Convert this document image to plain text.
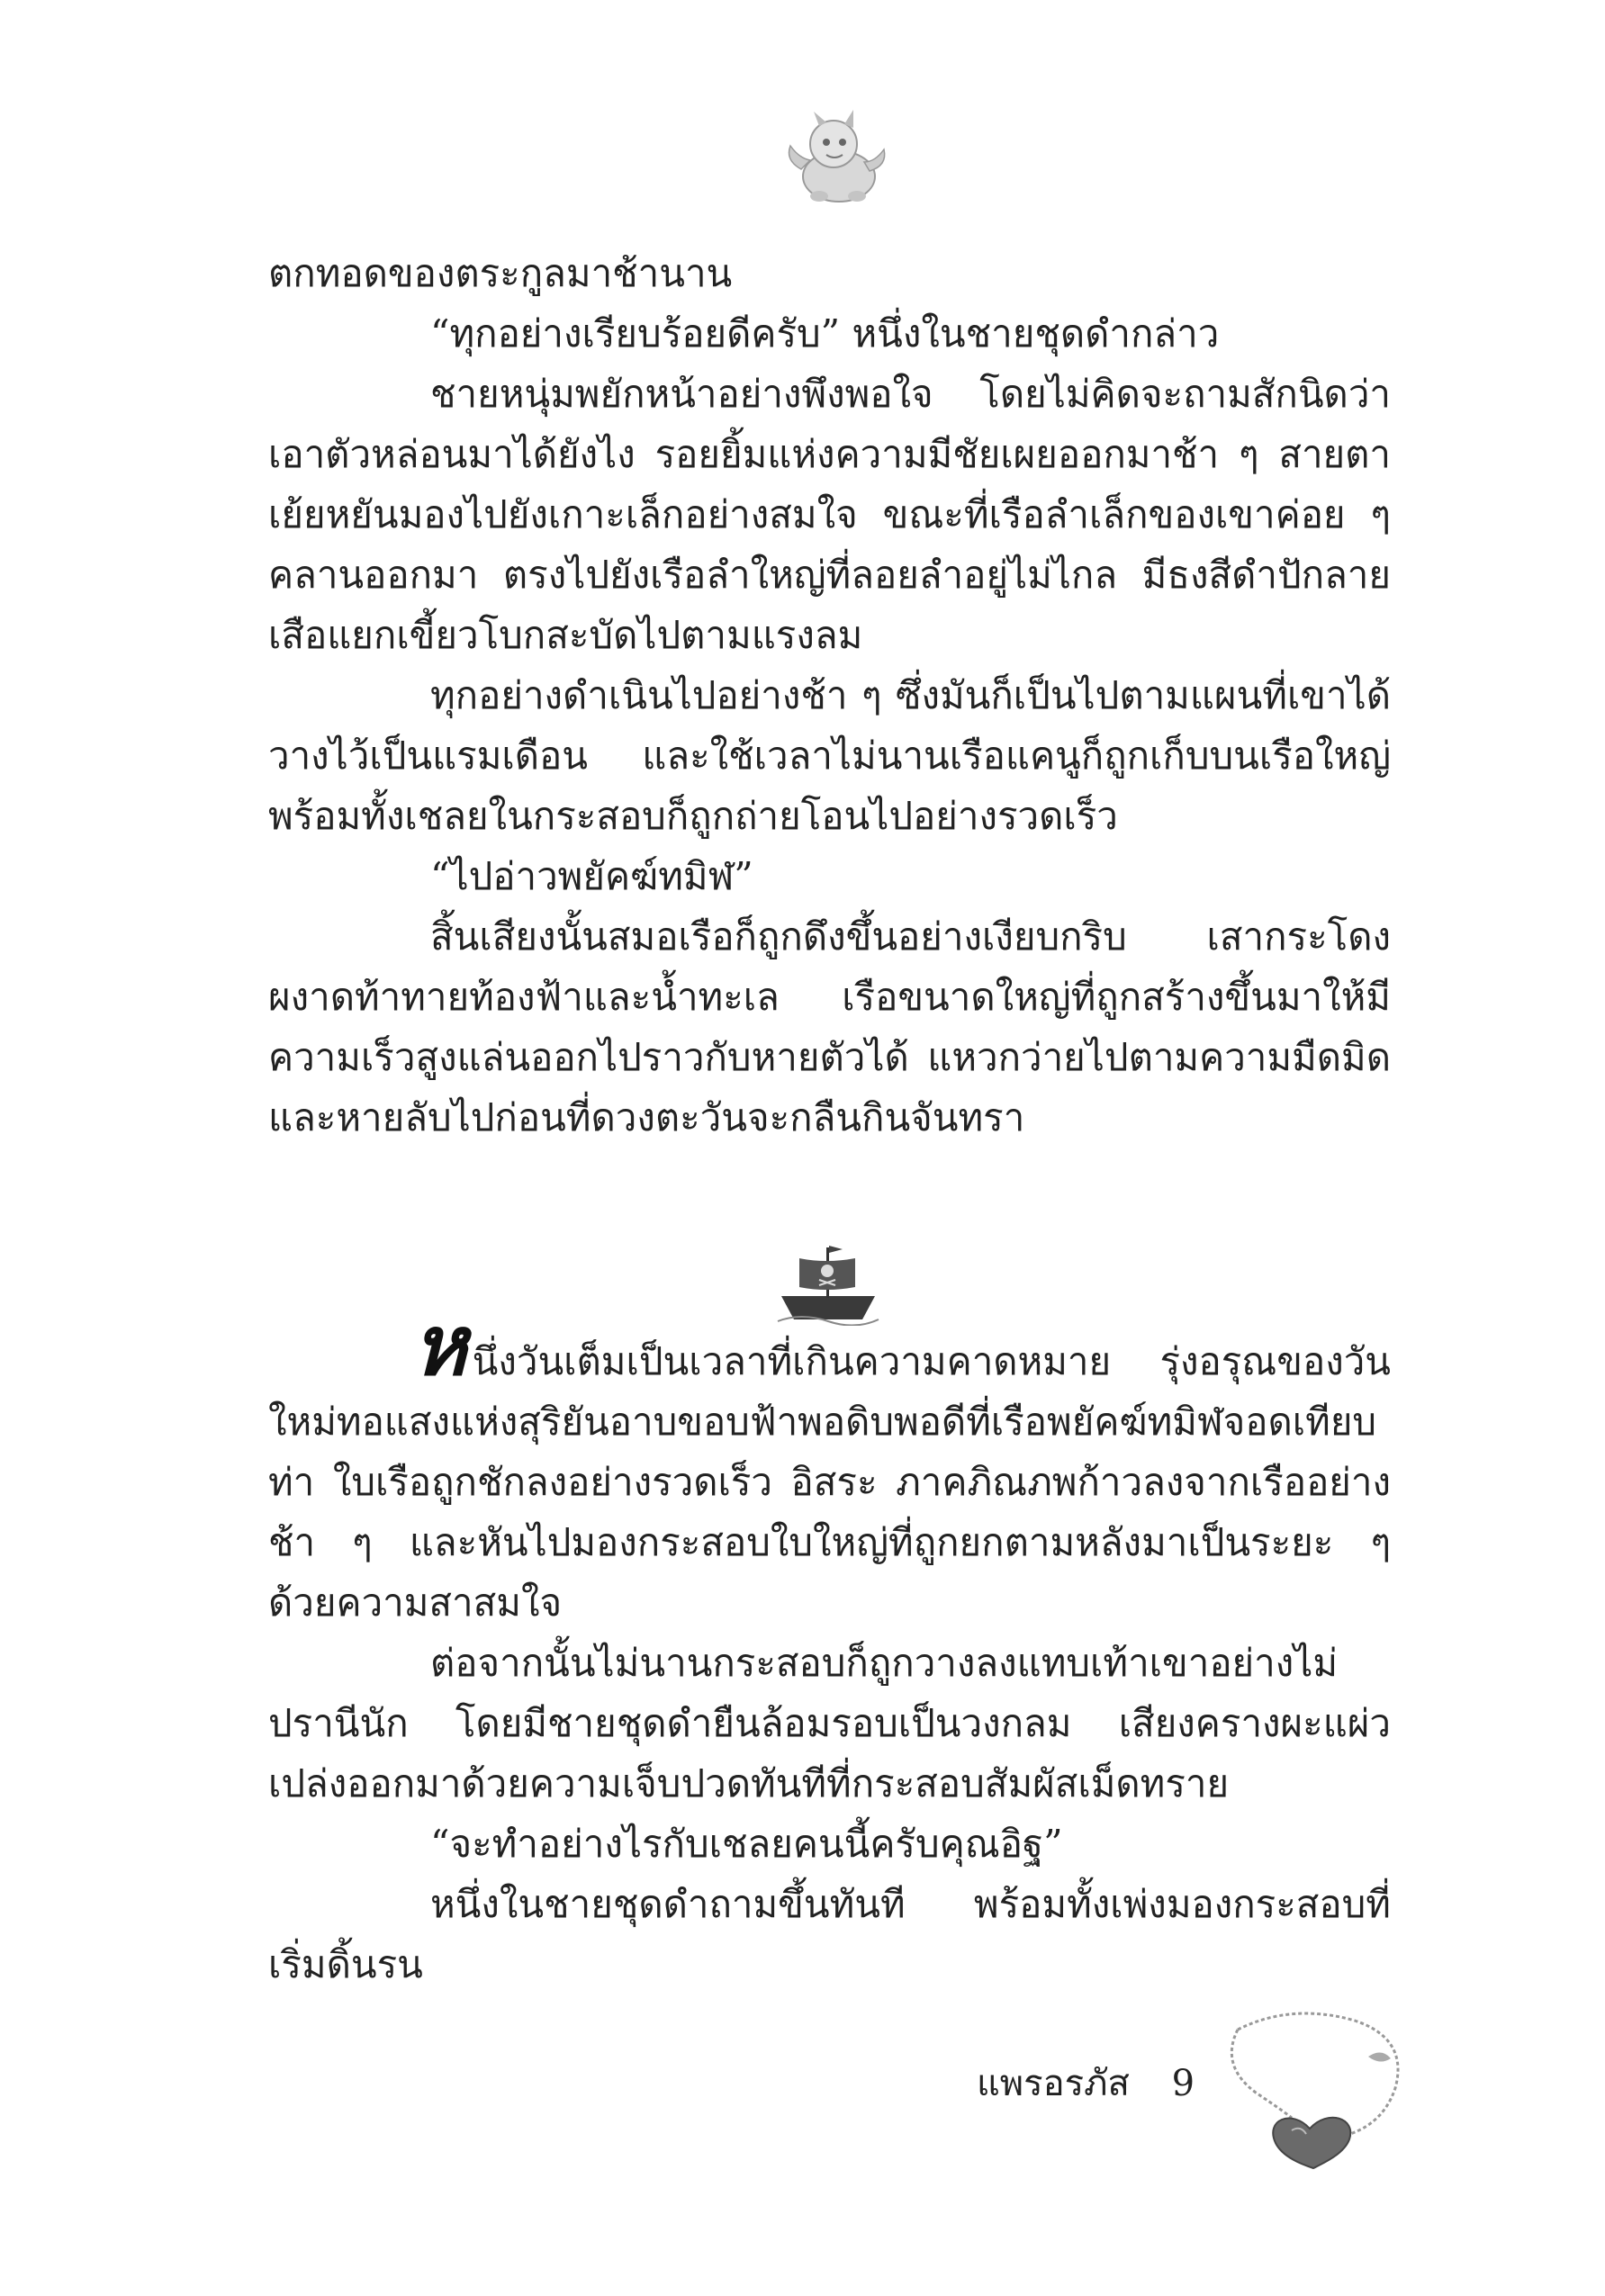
ตกทอดของตระกูลมาช้านาน

“ทุกอย่างเรียบร้อยดีครับ” หนึ่งในชายชุดดำกล่าว

ชายหนุ่มพยักหน้าอย่างพึงพอใจ โดยไม่คิดจะถามสักนิดว่าเอาตัวหล่อนมาได้ยังไง รอยยิ้มแห่งความมีชัยเผยออกมาช้า ๆ สายตาเย้ยหยันมองไปยังเกาะเล็กอย่างสมใจ ขณะที่เรือลำเล็กของเขาค่อย ๆ คลานออกมา ตรงไปยังเรือลำใหญ่ที่ลอยลำอยู่ไม่ไกล มีธงสีดำปักลายเสือแยกเขี้ยวโบกสะบัดไปตามแรงลม

ทุกอย่างดำเนินไปอย่างช้า ๆ ซึ่งมันก็เป็นไปตามแผนที่เขาได้วางไว้เป็นแรมเดือน และใช้เวลาไม่นานเรือแคนูก็ถูกเก็บบนเรือใหญ่ พร้อมทั้งเชลยในกระสอบก็ถูกถ่ายโอนไปอย่างรวดเร็ว

“ไปอ่าวพยัคฆ์ทมิฬ”

สิ้นเสียงนั้นสมอเรือก็ถูกดึงขึ้นอย่างเงียบกริบ เสากระโดงผงาดท้าทายท้องฟ้าและน้ำทะเล เรือขนาดใหญ่ที่ถูกสร้างขึ้นมาให้มีความเร็วสูงแล่นออกไปราวกับหายตัวได้ แหวกว่ายไปตามความมืดมิดและหายลับไปก่อนที่ดวงตะวันจะกลืนกินจันทรา

หนึ่งวันเต็มเป็นเวลาที่เกินความคาดหมาย รุ่งอรุณของวันใหม่ทอแสงแห่งสุริยันอาบขอบฟ้าพอดิบพอดีที่เรือพยัคฆ์ทมิฬจอดเทียบท่า ใบเรือถูกชักลงอย่างรวดเร็ว อิสระ ภาคภิณภพก้าวลงจากเรืออย่างช้า ๆ และหันไปมองกระสอบใบใหญ่ที่ถูกยกตามหลังมาเป็นระยะ ๆ ด้วยความสาสมใจ

ต่อจากนั้นไม่นานกระสอบก็ถูกวางลงแทบเท้าเขาอย่างไม่ปรานีนัก โดยมีชายชุดดำยืนล้อมรอบเป็นวงกลม เสียงครางผะแผ่วเปล่งออกมาด้วยความเจ็บปวดทันทีที่กระสอบสัมผัสเม็ดทราย

“จะทำอย่างไรกับเชลยคนนี้ครับคุณอิฐ”

หนึ่งในชายชุดดำถามขึ้นทันที พร้อมทั้งเพ่งมองกระสอบที่เริ่มดิ้นรน

แพรอรภัส 9
